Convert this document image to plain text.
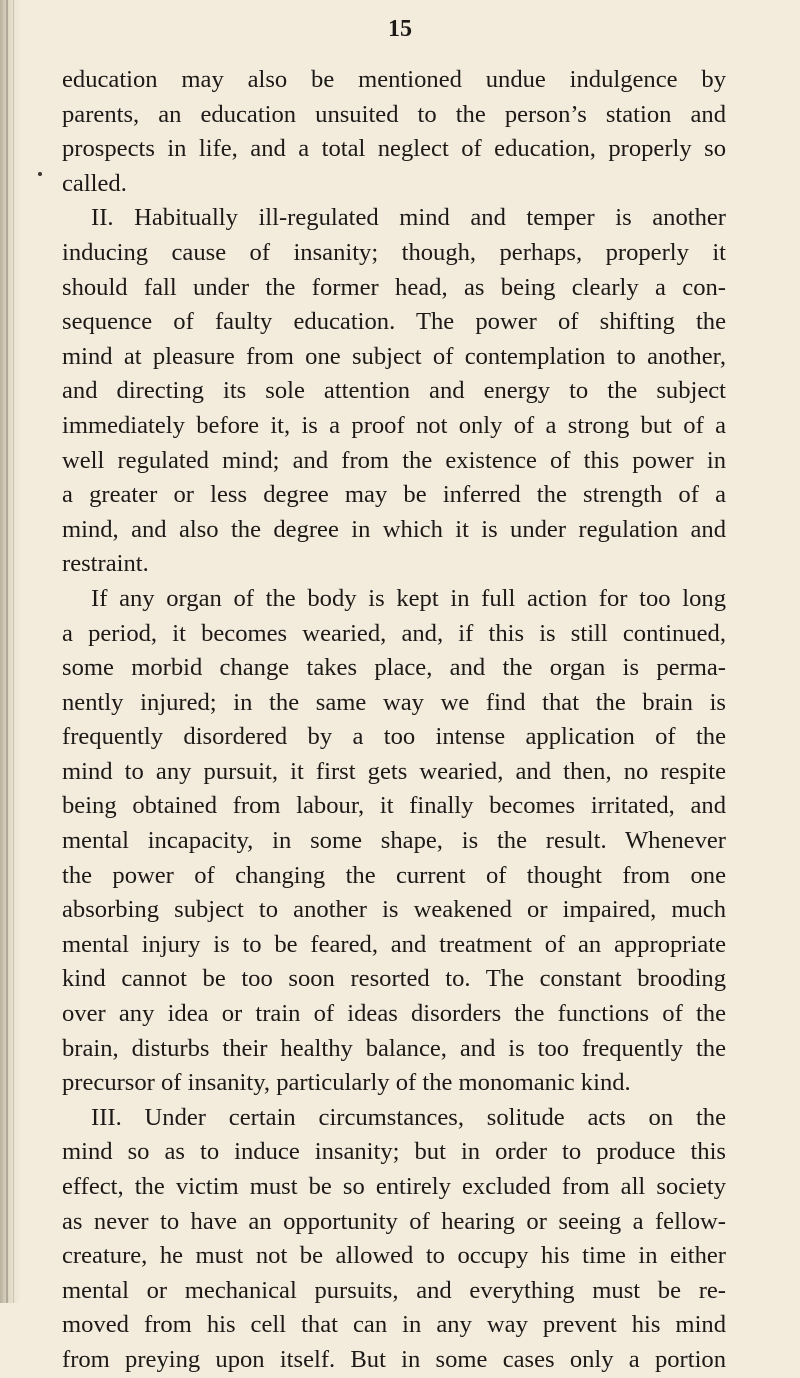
15
education may also be mentioned undue indulgence by
parents, an education unsuited to the person’s station and
prospects in life, and a total neglect of education, properly so
called.
II. Habitually ill-regulated mind and temper is another
inducing cause of insanity; though, perhaps, properly it
should fall under the former head, as being clearly a con-
sequence of faulty education. The power of shifting the
mind at pleasure from one subject of contemplation to another,
and directing its sole attention and energy to the subject
immediately before it, is a proof not only of a strong but of a
well regulated mind; and from the existence of this power in
a greater or less degree may be inferred the strength of a
mind, and also the degree in which it is under regulation and
restraint.
If any organ of the body is kept in full action for too long
a period, it becomes wearied, and, if this is still continued,
some morbid change takes place, and the organ is perma-
nently injured; in the same way we find that the brain is
frequently disordered by a too intense application of the
mind to any pursuit, it first gets wearied, and then, no respite
being obtained from labour, it finally becomes irritated, and
mental incapacity, in some shape, is the result. Whenever
the power of changing the current of thought from one
absorbing subject to another is weakened or impaired, much
mental injury is to be feared, and treatment of an appropriate
kind cannot be too soon resorted to. The constant brooding
over any idea or train of ideas disorders the functions of the
brain, disturbs their healthy balance, and is too frequently the
precursor of insanity, particularly of the monomanic kind.
III. Under certain circumstances, solitude acts on the
mind so as to induce insanity; but in order to produce this
effect, the victim must be so entirely excluded from all society
as never to have an opportunity of hearing or seeing a fellow-
creature, he must not be allowed to occupy his time in either
mental or mechanical pursuits, and everything must be re-
moved from his cell that can in any way prevent his mind
from preying upon itself. But in some cases only a portion
